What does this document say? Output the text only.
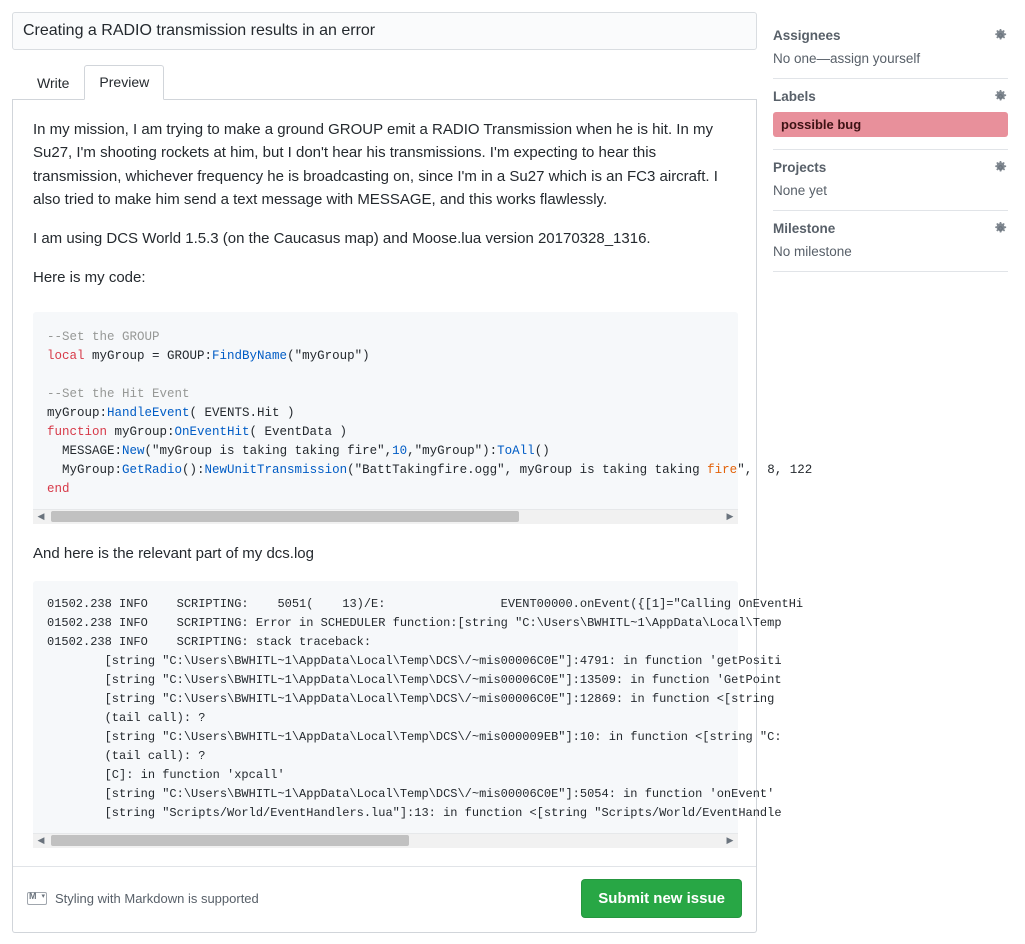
Creating a RADIO transmission results in an error
Write	Preview

In my mission, I am trying to make a ground GROUP emit a RADIO Transmission when he is hit. In my Su27, I'm shooting rockets at him, but I don't hear his transmissions. I'm expecting to hear this transmission, whichever frequency he is broadcasting on, since I'm in a Su27 which is an FC3 aircraft. I also tried to make him send a text message with MESSAGE, and this works flawlessly.

I am using DCS World 1.5.3 (on the Caucasus map) and Moose.lua version 20170328_1316.

Here is my code:

--Set the GROUP
local myGroup = GROUP:FindByName("myGroup")

--Set the Hit Event
myGroup:HandleEvent( EVENTS.Hit )
function myGroup:OnEventHit( EventData )
MESSAGE:New("myGroup is taking taking fire",10,"myGroup"):ToAll()
MyGroup:GetRadio():NewUnitTransmission("BattTakingfire.ogg", myGroup is taking taking fire",  8, 122
end
◀	▶

And here is the relevant part of my dcs.log

01502.238 INFO    SCRIPTING:    5051(    13)/E:                EVENT00000.onEvent({[1]="Calling OnEventHi
01502.238 INFO    SCRIPTING: Error in SCHEDULER function:[string "C:\Users\BWHITL~1\AppData\Local\Temp
01502.238 INFO    SCRIPTING: stack traceback:
[string "C:\Users\BWHITL~1\AppData\Local\Temp\DCS\/~mis00006C0E"]:4791: in function 'getPositi
[string "C:\Users\BWHITL~1\AppData\Local\Temp\DCS\/~mis00006C0E"]:13509: in function 'GetPoint
[string "C:\Users\BWHITL~1\AppData\Local\Temp\DCS\/~mis00006C0E"]:12869: in function <[string
(tail call): ?
[string "C:\Users\BWHITL~1\AppData\Local\Temp\DCS\/~mis000009EB"]:10: in function <[string "C:
(tail call): ?
[C]: in function 'xpcall'
[string "C:\Users\BWHITL~1\AppData\Local\Temp\DCS\/~mis00006C0E"]:5054: in function 'onEvent'
[string "Scripts/World/EventHandlers.lua"]:13: in function <[string "Scripts/World/EventHandle
◀	▶
M ▾
Styling with Markdown is supported	Submit new issue
Assignees
No one—assign yourself
Labels
possible bug
Projects
None yet
Milestone
No milestone
